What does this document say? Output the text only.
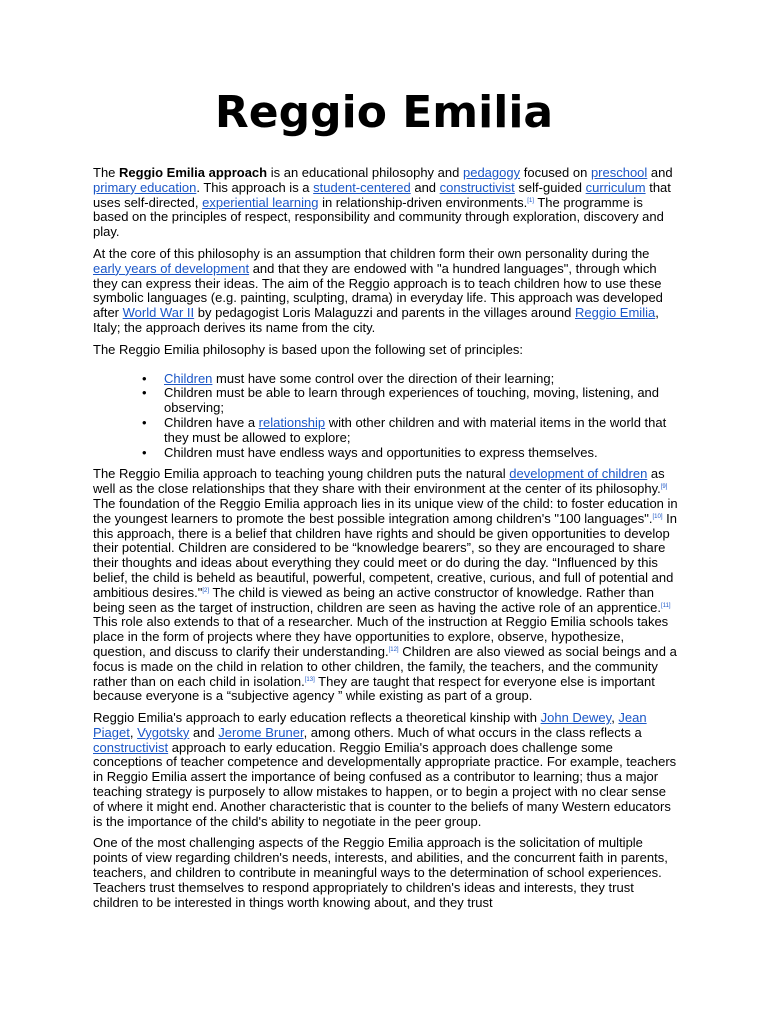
Reggio Emilia

The Reggio Emilia approach is an educational philosophy and pedagogy focused on preschool and primary education. This approach is a student-centered and constructivist self-guided curriculum that uses self-directed, experiential learning in relationship-driven environments.[1] The programme is based on the principles of respect, responsibility and community through exploration, discovery and play.

At the core of this philosophy is an assumption that children form their own personality during the early years of development and that they are endowed with "a hundred languages", through which they can express their ideas. The aim of the Reggio approach is to teach children how to use these symbolic languages (e.g. painting, sculpting, drama) in everyday life. This approach was developed after World War II by pedagogist Loris Malaguzzi and parents in the villages around Reggio Emilia, Italy; the approach derives its name from the city.

The Reggio Emilia philosophy is based upon the following set of principles:

• Children must have some control over the direction of their learning;
• Children must be able to learn through experiences of touching, moving, listening, and observing;
• Children have a relationship with other children and with material items in the world that they must be allowed to explore;
• Children must have endless ways and opportunities to express themselves.

The Reggio Emilia approach to teaching young children puts the natural development of children as well as the close relationships that they share with their environment at the center of its philosophy.[9] The foundation of the Reggio Emilia approach lies in its unique view of the child: to foster education in the youngest learners to promote the best possible integration among children's "100 languages".[10] In this approach, there is a belief that children have rights and should be given opportunities to develop their potential. Children are considered to be “knowledge bearers”, so they are encouraged to share their thoughts and ideas about everything they could meet or do during the day. “Influenced by this belief, the child is beheld as beautiful, powerful, competent, creative, curious, and full of potential and ambitious desires."[2] The child is viewed as being an active constructor of knowledge. Rather than being seen as the target of instruction, children are seen as having the active role of an apprentice.[11] This role also extends to that of a researcher. Much of the instruction at Reggio Emilia schools takes place in the form of projects where they have opportunities to explore, observe, hypothesize, question, and discuss to clarify their understanding.[12] Children are also viewed as social beings and a focus is made on the child in relation to other children, the family, the teachers, and the community rather than on each child in isolation.[13] They are taught that respect for everyone else is important because everyone is a “subjective agency ” while existing as part of a group.

Reggio Emilia's approach to early education reflects a theoretical kinship with John Dewey, Jean Piaget, Vygotsky and Jerome Bruner, among others. Much of what occurs in the class reflects a constructivist approach to early education. Reggio Emilia's approach does challenge some conceptions of teacher competence and developmentally appropriate practice. For example, teachers in Reggio Emilia assert the importance of being confused as a contributor to learning; thus a major teaching strategy is purposely to allow mistakes to happen, or to begin a project with no clear sense of where it might end. Another characteristic that is counter to the beliefs of many Western educators is the importance of the child's ability to negotiate in the peer group.

One of the most challenging aspects of the Reggio Emilia approach is the solicitation of multiple points of view regarding children's needs, interests, and abilities, and the concurrent faith in parents, teachers, and children to contribute in meaningful ways to the determination of school experiences. Teachers trust themselves to respond appropriately to children's ideas and interests, they trust children to be interested in things worth knowing about, and they trust
